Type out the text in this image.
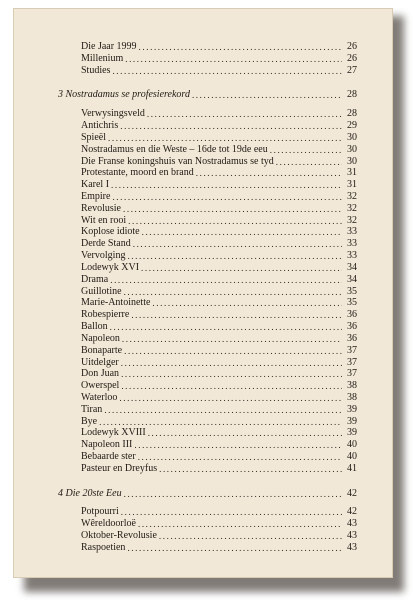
Die Jaar 1999 .....	26
Millenium .....	26
Studies .....	27
3 Nostradamus se profesierekord .....	28
Verwysingsveld .....	28
Antichris .....	29
Spieël .....	30
Nostradamus en die Weste – 16de tot 19de eeu .....	30
Die Franse koningshuis van Nostradamus se tyd .....	30
Protestante, moord en brand .....	31
Karel I .....	31
Empire .....	32
Revolusie .....	32
Wit en rooi .....	32
Koplose idiote .....	33
Derde Stand .....	33
Vervolging .....	33
Lodewyk XVI .....	34
Drama .....	34
Guillotine .....	35
Marie-Antoinette .....	35
Robespierre .....	36
Ballon .....	36
Napoleon .....	36
Bonaparte .....	37
Uitdelger .....	37
Don Juan .....	37
Owerspel .....	38
Waterloo .....	38
Tiran .....	39
Bye .....	39
Lodewyk XVIII .....	39
Napoleon III .....	40
Bebaarde ster .....	40
Pasteur en Dreyfus .....	41
4 Die 20ste Eeu .....	42
Potpourri .....	42
Wêreldoorloë .....	43
Oktober-Revolusie .....	43
Raspoetien .....	43
